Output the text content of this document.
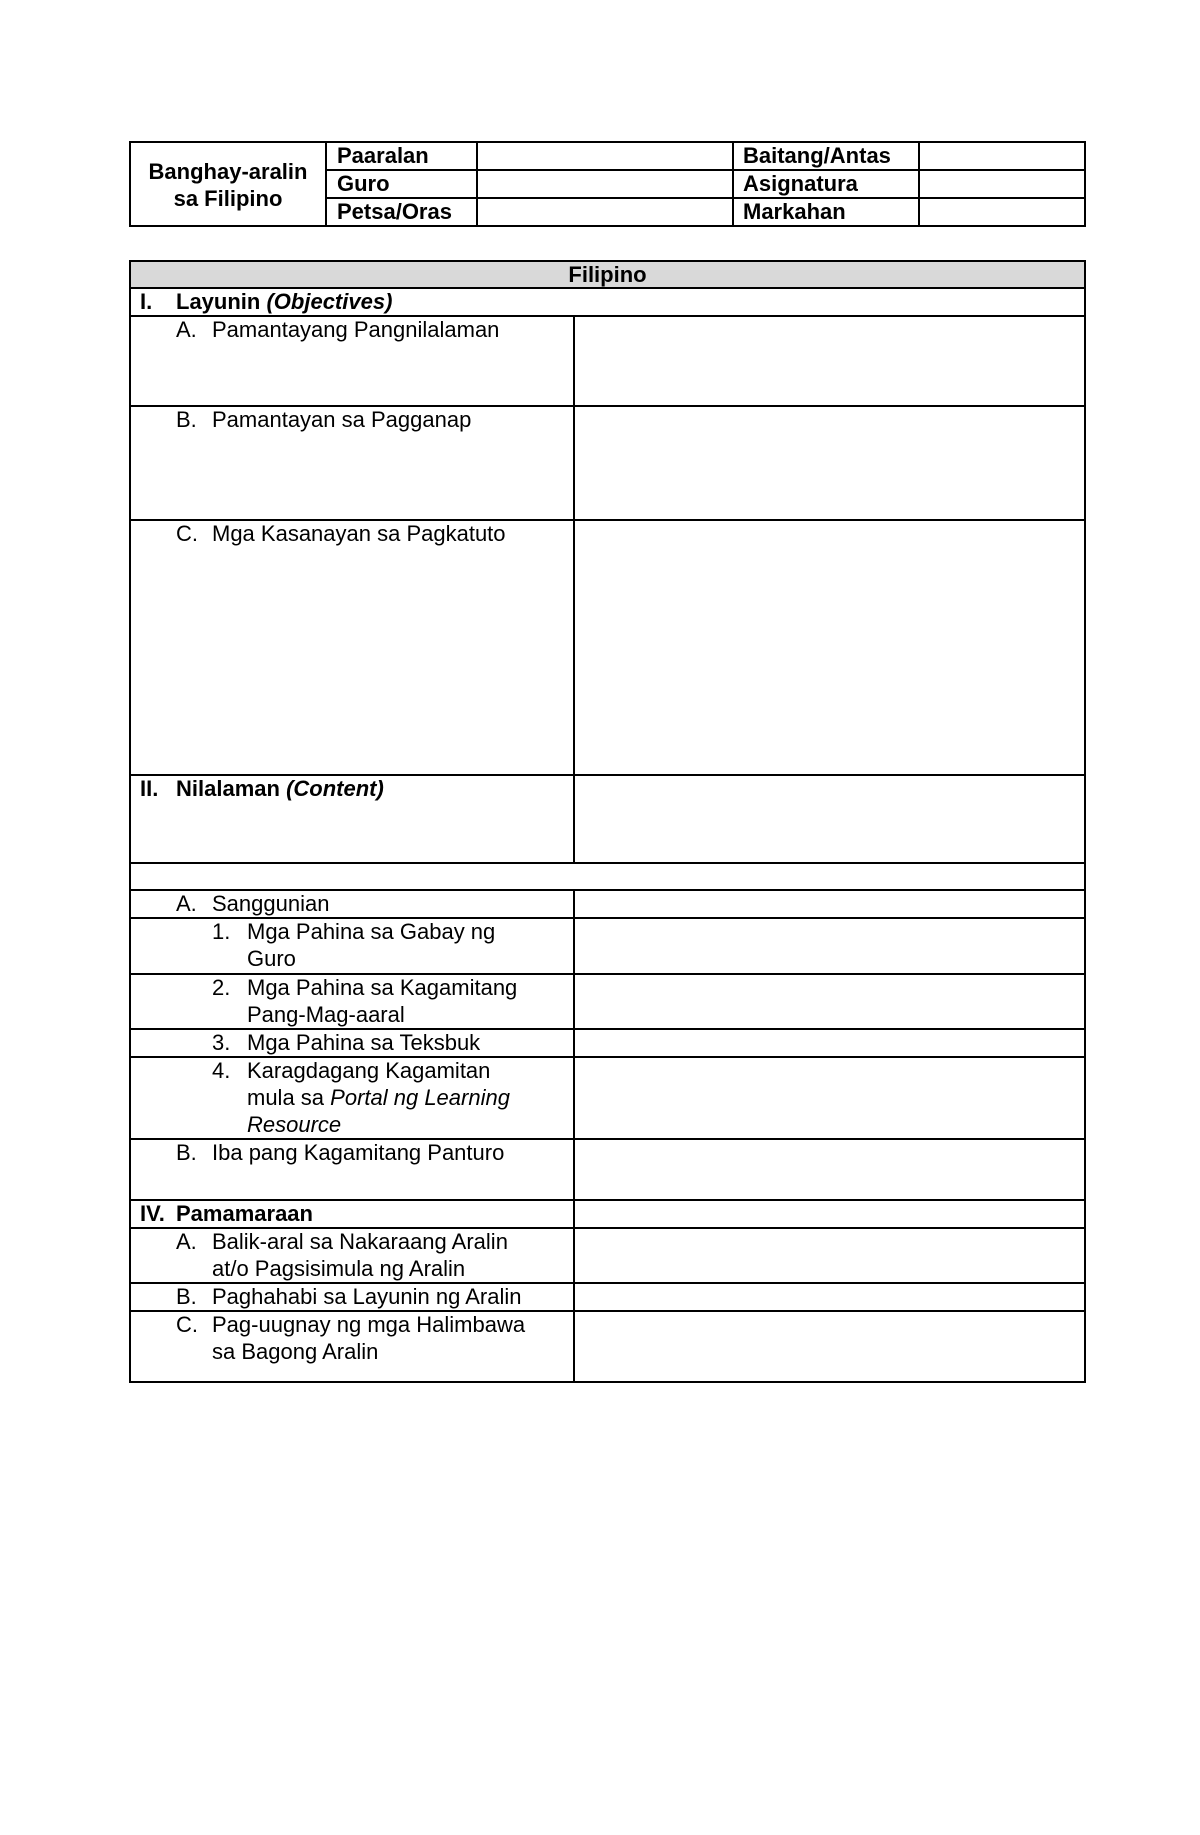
Banghay-aralin
sa Filipino
Paaralan
Guro
Petsa/Oras
Baitang/Antas
Asignatura
Markahan
Filipino
I. Layunin (Objectives)
A. Pamantayang Pangnilalaman
B. Pamantayan sa Pagganap
C. Mga Kasanayan sa Pagkatuto
II. Nilalaman (Content)
A. Sanggunian
1. Mga Pahina sa Gabay ng
Guro
2. Mga Pahina sa Kagamitang
Pang-Mag-aaral
3. Mga Pahina sa Teksbuk
4. Karagdagang Kagamitan
mula sa Portal ng Learning
Resource
B. Iba pang Kagamitang Panturo
IV. Pamamaraan
A. Balik-aral sa Nakaraang Aralin
at/o Pagsisimula ng Aralin
B. Paghahabi sa Layunin ng Aralin
C. Pag-uugnay ng mga Halimbawa
sa Bagong Aralin
